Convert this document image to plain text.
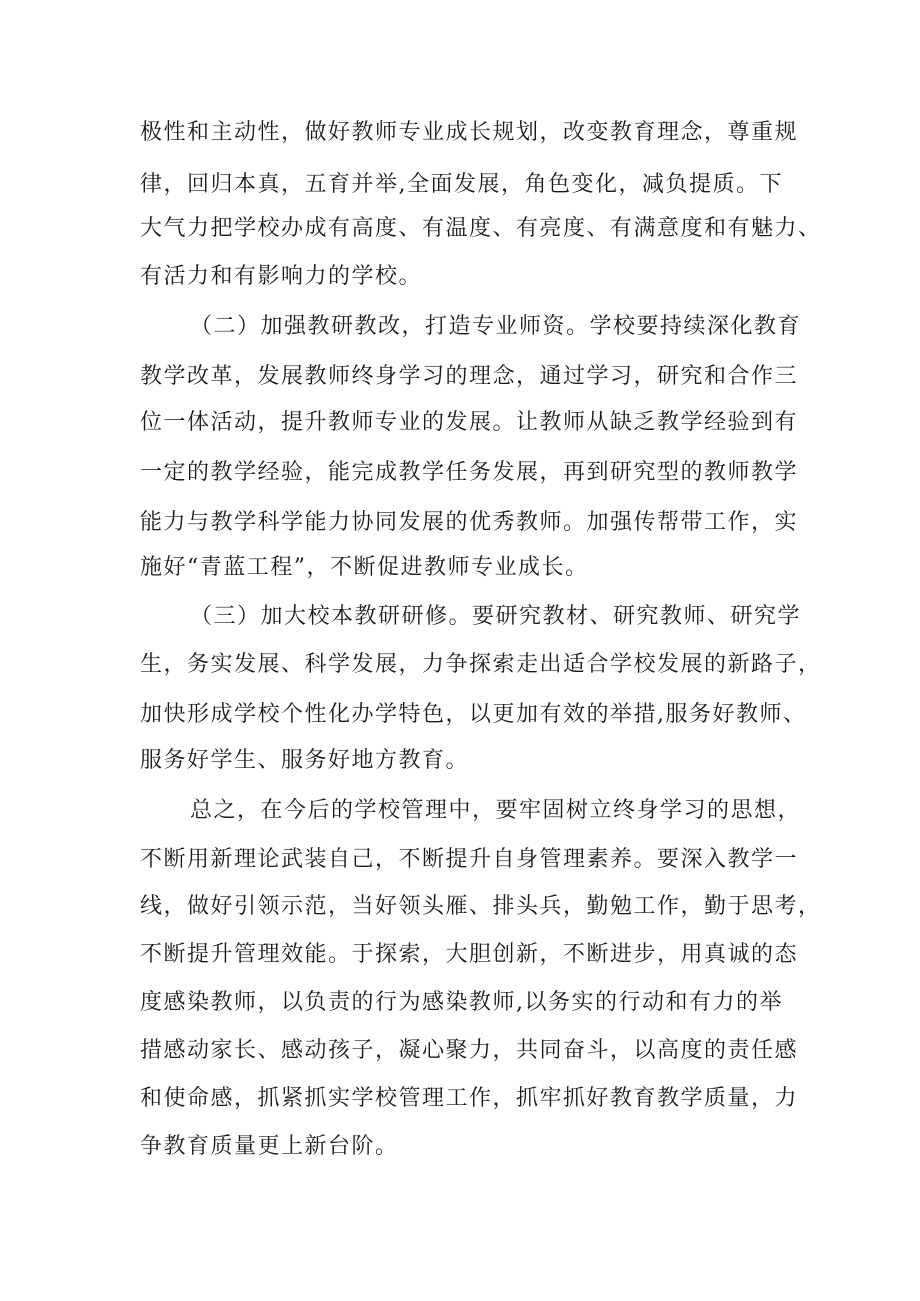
极性和主动性，做好教师专业成长规划，改变教育理念，尊重规
律，回归本真，五育并举,全面发展，角色变化，减负提质。下
大气力把学校办成有高度、有温度、有亮度、有满意度和有魅力、
有活力和有影响力的学校。
（二）加强教研教改，打造专业师资。学校要持续深化教育
教学改革，发展教师终身学习的理念，通过学习，研究和合作三
位一体活动，提升教师专业的发展。让教师从缺乏教学经验到有
一定的教学经验，能完成教学任务发展，再到研究型的教师教学
能力与教学科学能力协同发展的优秀教师。加强传帮带工作，实
施好“青蓝工程”，不断促进教师专业成长。
（三）加大校本教研研修。要研究教材、研究教师、研究学
生，务实发展、科学发展，力争探索走出适合学校发展的新路子，
加快形成学校个性化办学特色，以更加有效的举措,服务好教师、
服务好学生、服务好地方教育。
总之，在今后的学校管理中，要牢固树立终身学习的思想，
不断用新理论武装自己，不断提升自身管理素养。要深入教学一
线，做好引领示范，当好领头雁、排头兵，勤勉工作，勤于思考，
不断提升管理效能。于探索，大胆创新，不断进步，用真诚的态
度感染教师，以负责的行为感染教师,以务实的行动和有力的举
措感动家长、感动孩子，凝心聚力，共同奋斗，以高度的责任感
和使命感，抓紧抓实学校管理工作，抓牢抓好教育教学质量，力
争教育质量更上新台阶。
